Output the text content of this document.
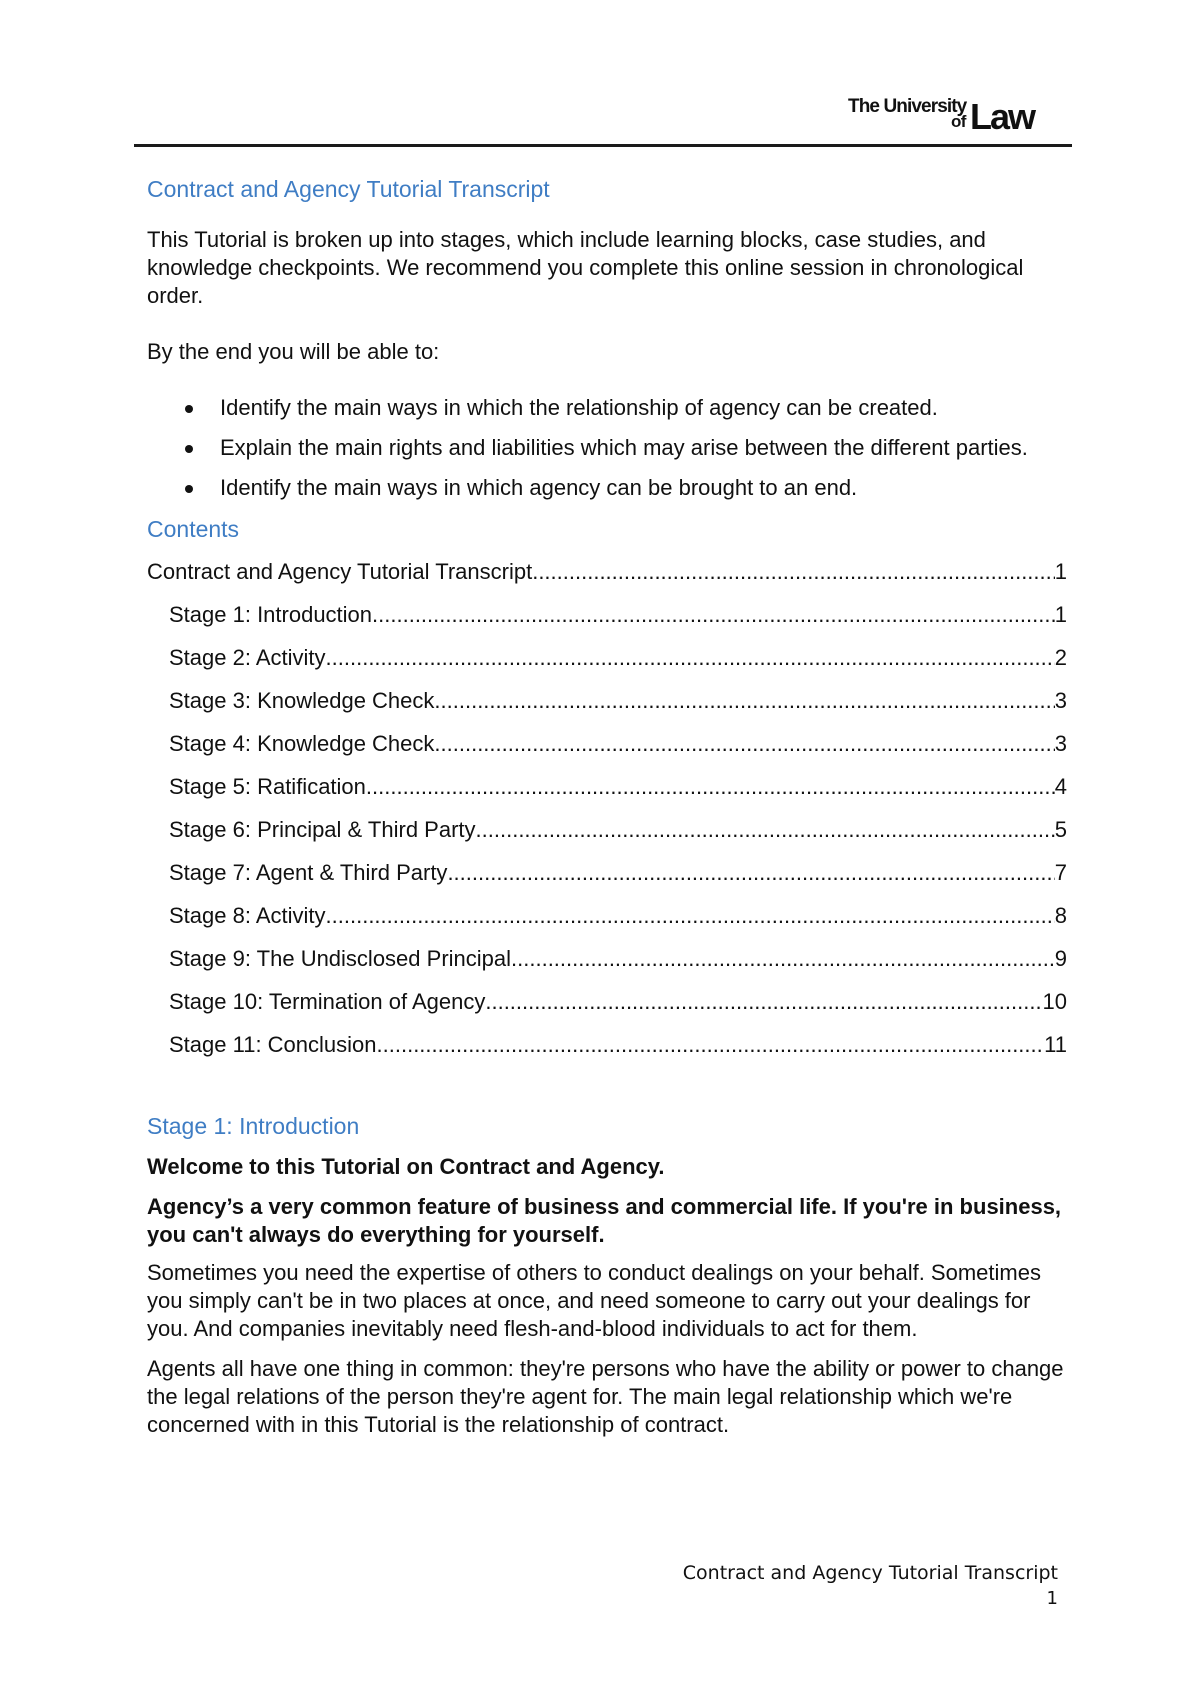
The University
of Law
Contract and Agency Tutorial Transcript

This Tutorial is broken up into stages, which include learning blocks, case studies, and knowledge checkpoints. We recommend you complete this online session in chronological order.

By the end you will be able to:

Identify the main ways in which the relationship of agency can be created.
Explain the main rights and liabilities which may arise between the different parties.
Identify the main ways in which agency can be brought to an end.
Contents
Contract and Agency Tutorial Transcript .....	1
Stage 1: Introduction .....	1
Stage 2: Activity .....	2
Stage 3: Knowledge Check .....	3
Stage 4: Knowledge Check .....	3
Stage 5: Ratification .....	4
Stage 6: Principal & Third Party .....	5
Stage 7: Agent & Third Party .....	7
Stage 8: Activity .....	8
Stage 9: The Undisclosed Principal .....	9
Stage 10: Termination of Agency .....	10
Stage 11: Conclusion .....	11
Stage 1: Introduction

Welcome to this Tutorial on Contract and Agency.

Agency’s a very common feature of business and commercial life. If you're in business, you can't always do everything for yourself.

Sometimes you need the expertise of others to conduct dealings on your behalf. Sometimes you simply can't be in two places at once, and need someone to carry out your dealings for you. And companies inevitably need flesh-and-blood individuals to act for them.

Agents all have one thing in common: they're persons who have the ability or power to change the legal relations of the person they're agent for. The main legal relationship which we're concerned with in this Tutorial is the relationship of contract.

Contract and Agency Tutorial Transcript
1
